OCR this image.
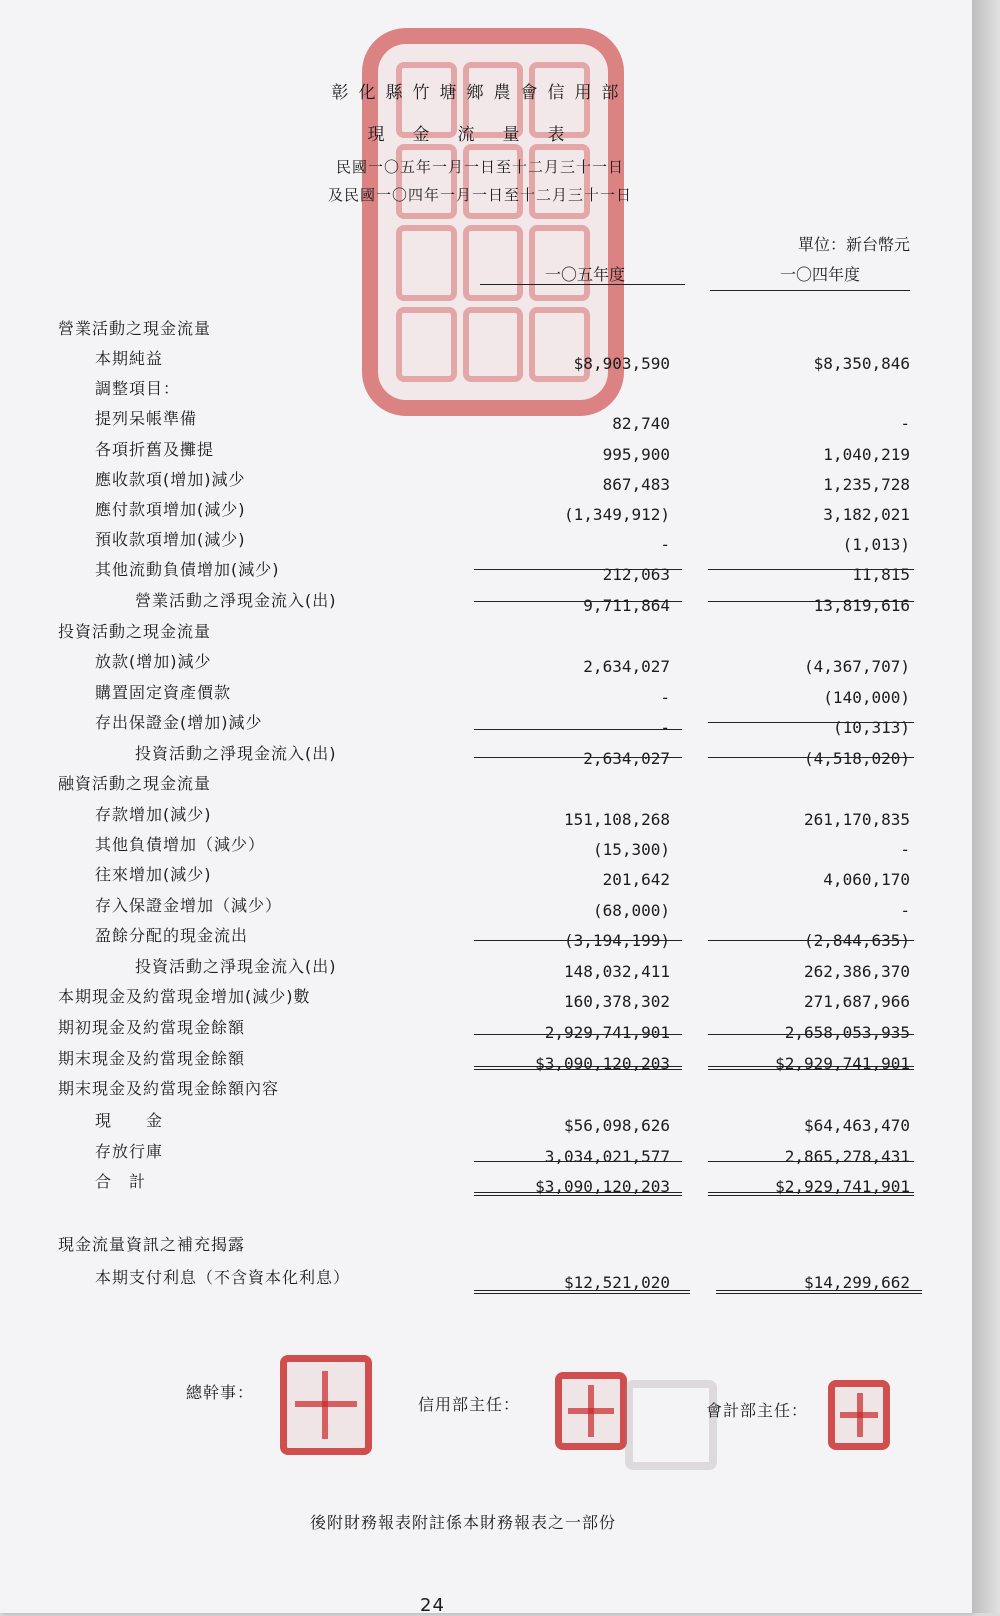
彰化縣竹塘鄉農會信用部
現金流量表
民國一〇五年一月一日至十二月三十一日
及民國一〇四年一月一日至十二月三十一日
單位：新台幣元
一〇五年度	一〇四年度
營業活動之現金流量
本期純益	$8,903,590	$8,350,846
調整項目：
提列呆帳準備	82,740	-
各項折舊及攤提	995,900	1,040,219
應收款項(增加)減少	867,483	1,235,728
應付款項增加(減少)	(1,349,912)	3,182,021
預收款項增加(減少)	-	(1,013)
其他流動負債增加(減少)	212,063	11,815
營業活動之淨現金流入(出)	9,711,864	13,819,616
投資活動之現金流量
放款(增加)減少	2,634,027	(4,367,707)
購置固定資產價款	-	(140,000)
存出保證金(增加)減少	-	(10,313)
投資活動之淨現金流入(出)	2,634,027	(4,518,020)
融資活動之現金流量
存款增加(減少)	151,108,268	261,170,835
其他負債增加（減少）	(15,300)	-
往來增加(減少)	201,642	4,060,170
存入保證金增加（減少）	(68,000)	-
盈餘分配的現金流出	(3,194,199)	(2,844,635)
投資活動之淨現金流入(出)	148,032,411	262,386,370
本期現金及約當現金增加(減少)數	160,378,302	271,687,966
期初現金及約當現金餘額	2,929,741,901	2,658,053,935
期末現金及約當現金餘額	$3,090,120,203	$2,929,741,901
期末現金及約當現金餘額內容
現　　金	$56,098,626	$64,463,470
存放行庫	3,034,021,577	2,865,278,431
合　計	$3,090,120,203	$2,929,741,901
現金流量資訊之補充揭露
本期支付利息（不含資本化利息）	$12,521,020	$14,299,662
總幹事：
信用部主任：	會計部主任：
後附財務報表附註係本財務報表之一部份
24
